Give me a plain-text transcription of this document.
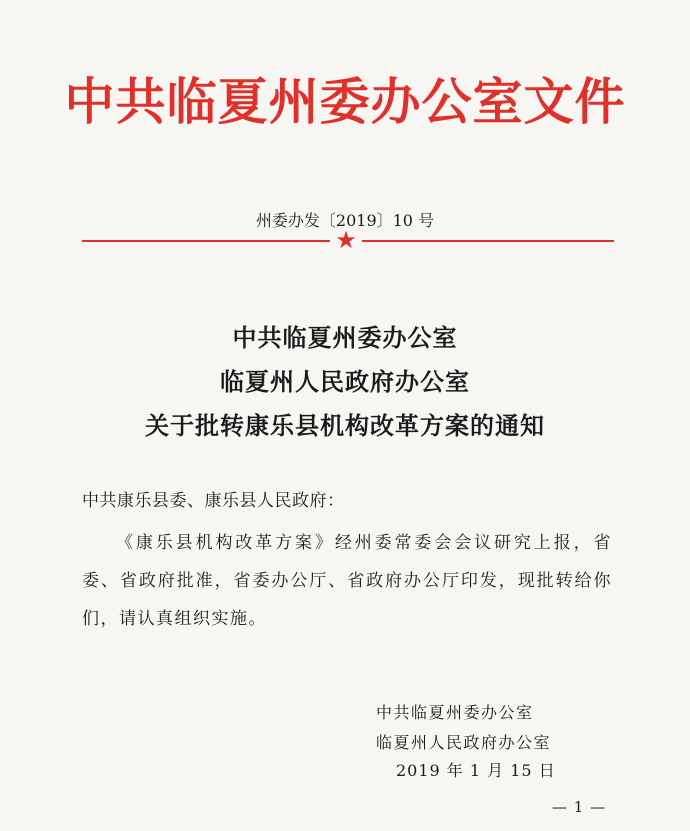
中共临夏州委办公室文件
州委办发〔2019〕10 号
★
中共临夏州委办公室
临夏州人民政府办公室
关于批转康乐县机构改革方案的通知
中共康乐县委、康乐县人民政府：
《康乐县机构改革方案》经州委常委会会议研究上报，省委、省政府批准，省委办公厅、省政府办公厅印发，现批转给你们，请认真组织实施。
中共临夏州委办公室
临夏州人民政府办公室
2019 年 1 月 15 日
— 1 —
